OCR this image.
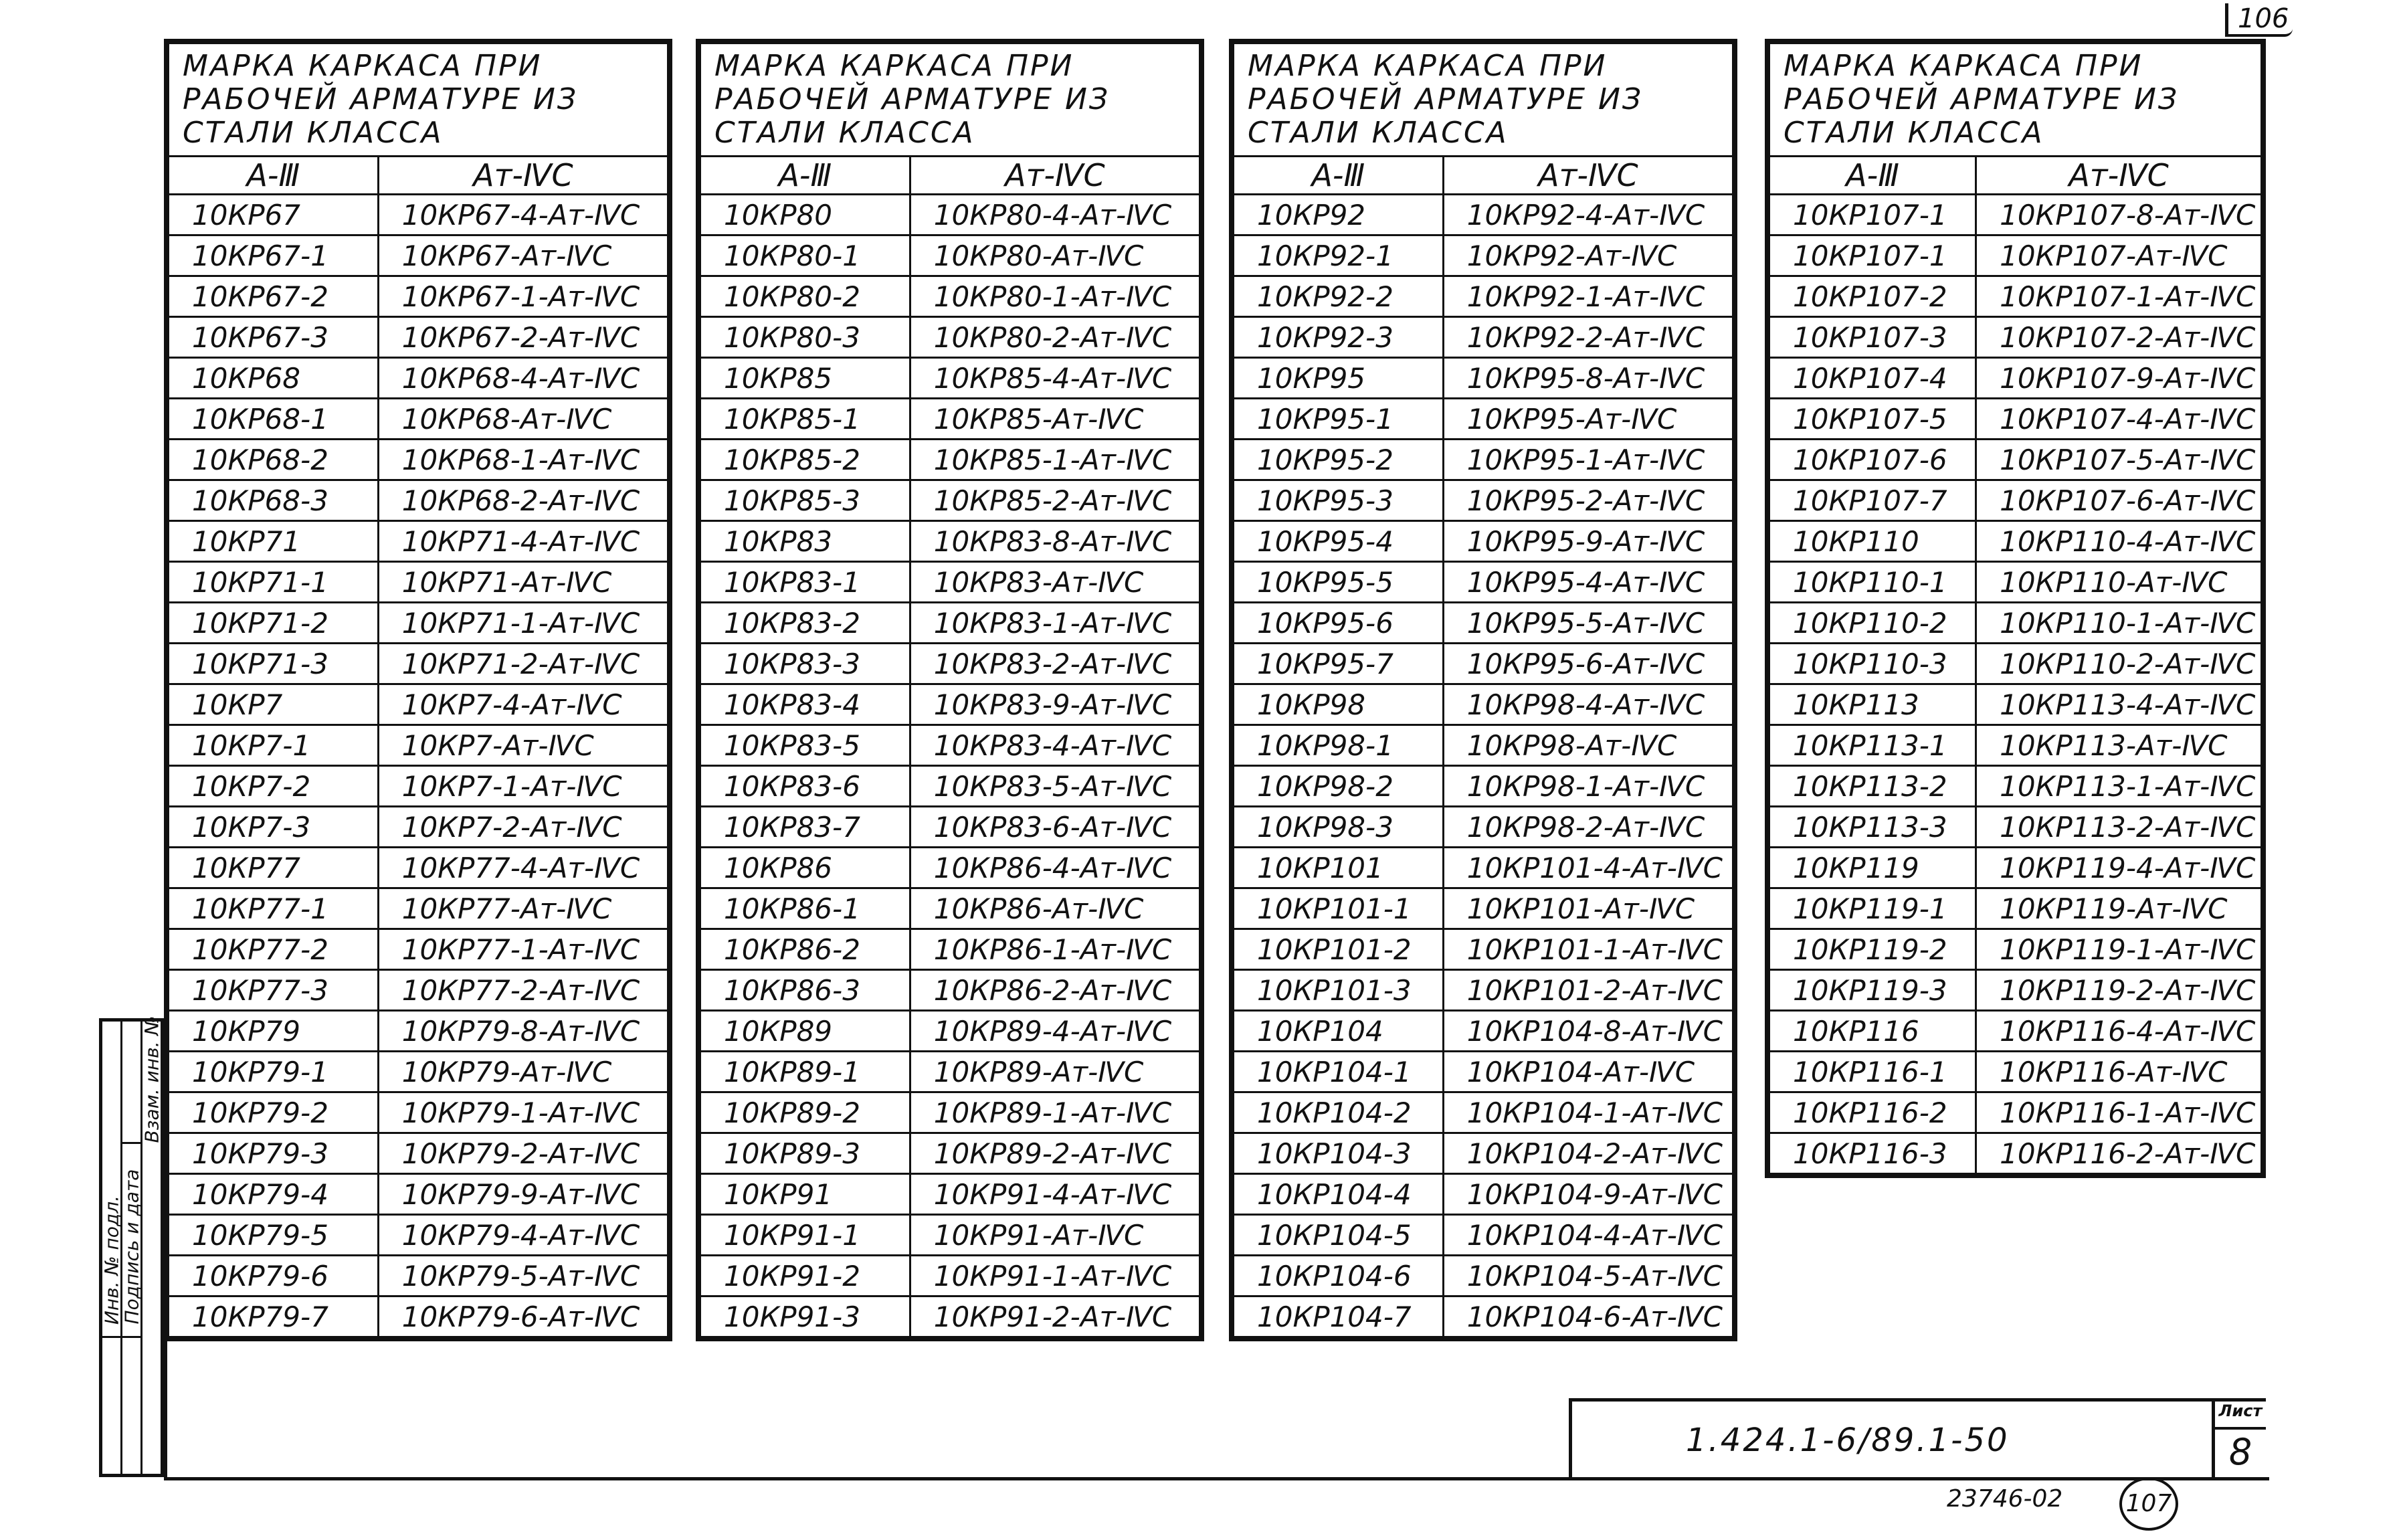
106
Инв. № подл.
Подпись и дата
Взам. инв. №
МАРКА КАРКАСА ПРИ РАБОЧЕЙ АРМАТУРЕ ИЗ СТАЛИ КЛАССА	
А-Ⅲ	Ат-ⅣС
10КР67	10КР67-4-Ат-ⅣС
10КР67-1	10КР67-Ат-ⅣС
10КР67-2	10КР67-1-Ат-ⅣС
10КР67-3	10КР67-2-Ат-ⅣС
10КР68	10КР68-4-Ат-ⅣС
10КР68-1	10КР68-Ат-ⅣС
10КР68-2	10КР68-1-Ат-ⅣС
10КР68-3	10КР68-2-Ат-ⅣС
10КР71	10КР71-4-Ат-ⅣС
10КР71-1	10КР71-Ат-ⅣС
10КР71-2	10КР71-1-Ат-ⅣС
10КР71-3	10КР71-2-Ат-ⅣС
10КР7	10КР7-4-Ат-ⅣС
10КР7-1	10КР7-Ат-ⅣС
10КР7-2	10КР7-1-Ат-ⅣС
10КР7-3	10КР7-2-Ат-ⅣС
10КР77	10КР77-4-Ат-ⅣС
10КР77-1	10КР77-Ат-ⅣС
10КР77-2	10КР77-1-Ат-ⅣС
10КР77-3	10КР77-2-Ат-ⅣС
10КР79	10КР79-8-Ат-ⅣС
10КР79-1	10КР79-Ат-ⅣС
10КР79-2	10КР79-1-Ат-ⅣС
10КР79-3	10КР79-2-Ат-ⅣС
10КР79-4	10КР79-9-Ат-ⅣС
10КР79-5	10КР79-4-Ат-ⅣС
10КР79-6	10КР79-5-Ат-ⅣС
10КР79-7	10КР79-6-Ат-ⅣС
МАРКА КАРКАСА ПРИ РАБОЧЕЙ АРМАТУРЕ ИЗ СТАЛИ КЛАССА	
А-Ⅲ	Ат-ⅣС
10КР80	10КР80-4-Ат-ⅣС
10КР80-1	10КР80-Ат-ⅣС
10КР80-2	10КР80-1-Ат-ⅣС
10КР80-3	10КР80-2-Ат-ⅣС
10КР85	10КР85-4-Ат-ⅣС
10КР85-1	10КР85-Ат-ⅣС
10КР85-2	10КР85-1-Ат-ⅣС
10КР85-3	10КР85-2-Ат-ⅣС
10КР83	10КР83-8-Ат-ⅣС
10КР83-1	10КР83-Ат-ⅣС
10КР83-2	10КР83-1-Ат-ⅣС
10КР83-3	10КР83-2-Ат-ⅣС
10КР83-4	10КР83-9-Ат-ⅣС
10КР83-5	10КР83-4-Ат-ⅣС
10КР83-6	10КР83-5-Ат-ⅣС
10КР83-7	10КР83-6-Ат-ⅣС
10КР86	10КР86-4-Ат-ⅣС
10КР86-1	10КР86-Ат-ⅣС
10КР86-2	10КР86-1-Ат-ⅣС
10КР86-3	10КР86-2-Ат-ⅣС
10КР89	10КР89-4-Ат-ⅣС
10КР89-1	10КР89-Ат-ⅣС
10КР89-2	10КР89-1-Ат-ⅣС
10КР89-3	10КР89-2-Ат-ⅣС
10КР91	10КР91-4-Ат-ⅣС
10КР91-1	10КР91-Ат-ⅣС
10КР91-2	10КР91-1-Ат-ⅣС
10КР91-3	10КР91-2-Ат-ⅣС
МАРКА КАРКАСА ПРИ РАБОЧЕЙ АРМАТУРЕ ИЗ СТАЛИ КЛАССА	
А-Ⅲ	Ат-ⅣС
10КР92	10КР92-4-Ат-ⅣС
10КР92-1	10КР92-Ат-ⅣС
10КР92-2	10КР92-1-Ат-ⅣС
10КР92-3	10КР92-2-Ат-ⅣС
10КР95	10КР95-8-Ат-ⅣС
10КР95-1	10КР95-Ат-ⅣС
10КР95-2	10КР95-1-Ат-ⅣС
10КР95-3	10КР95-2-Ат-ⅣС
10КР95-4	10КР95-9-Ат-ⅣС
10КР95-5	10КР95-4-Ат-ⅣС
10КР95-6	10КР95-5-Ат-ⅣС
10КР95-7	10КР95-6-Ат-ⅣС
10КР98	10КР98-4-Ат-ⅣС
10КР98-1	10КР98-Ат-ⅣС
10КР98-2	10КР98-1-Ат-ⅣС
10КР98-3	10КР98-2-Ат-ⅣС
10КР101	10КР101-4-Ат-ⅣС
10КР101-1	10КР101-Ат-ⅣС
10КР101-2	10КР101-1-Ат-ⅣС
10КР101-3	10КР101-2-Ат-ⅣС
10КР104	10КР104-8-Ат-ⅣС
10КР104-1	10КР104-Ат-ⅣС
10КР104-2	10КР104-1-Ат-ⅣС
10КР104-3	10КР104-2-Ат-ⅣС
10КР104-4	10КР104-9-Ат-ⅣС
10КР104-5	10КР104-4-Ат-ⅣС
10КР104-6	10КР104-5-Ат-ⅣС
10КР104-7	10КР104-6-Ат-ⅣС
МАРКА КАРКАСА ПРИ РАБОЧЕЙ АРМАТУРЕ ИЗ СТАЛИ КЛАССА	
А-Ⅲ	Ат-ⅣС
10КР107-1	10КР107-8-Ат-ⅣС
10КР107-1	10КР107-Ат-ⅣС
10КР107-2	10КР107-1-Ат-ⅣС
10КР107-3	10КР107-2-Ат-ⅣС
10КР107-4	10КР107-9-Ат-ⅣС
10КР107-5	10КР107-4-Ат-ⅣС
10КР107-6	10КР107-5-Ат-ⅣС
10КР107-7	10КР107-6-Ат-ⅣС
10КР110	10КР110-4-Ат-ⅣС
10КР110-1	10КР110-Ат-ⅣС
10КР110-2	10КР110-1-Ат-ⅣС
10КР110-3	10КР110-2-Ат-ⅣС
10КР113	10КР113-4-Ат-ⅣС
10КР113-1	10КР113-Ат-ⅣС
10КР113-2	10КР113-1-Ат-ⅣС
10КР113-3	10КР113-2-Ат-ⅣС
10КР119	10КР119-4-Ат-ⅣС
10КР119-1	10КР119-Ат-ⅣС
10КР119-2	10КР119-1-Ат-ⅣС
10КР119-3	10КР119-2-Ат-ⅣС
10КР116	10КР116-4-Ат-ⅣС
10КР116-1	10КР116-Ат-ⅣС
10КР116-2	10КР116-1-Ат-ⅣС
10КР116-3	10КР116-2-Ат-ⅣС
1.424.1-6/89.1-50
Лист
8
23746-02	107
